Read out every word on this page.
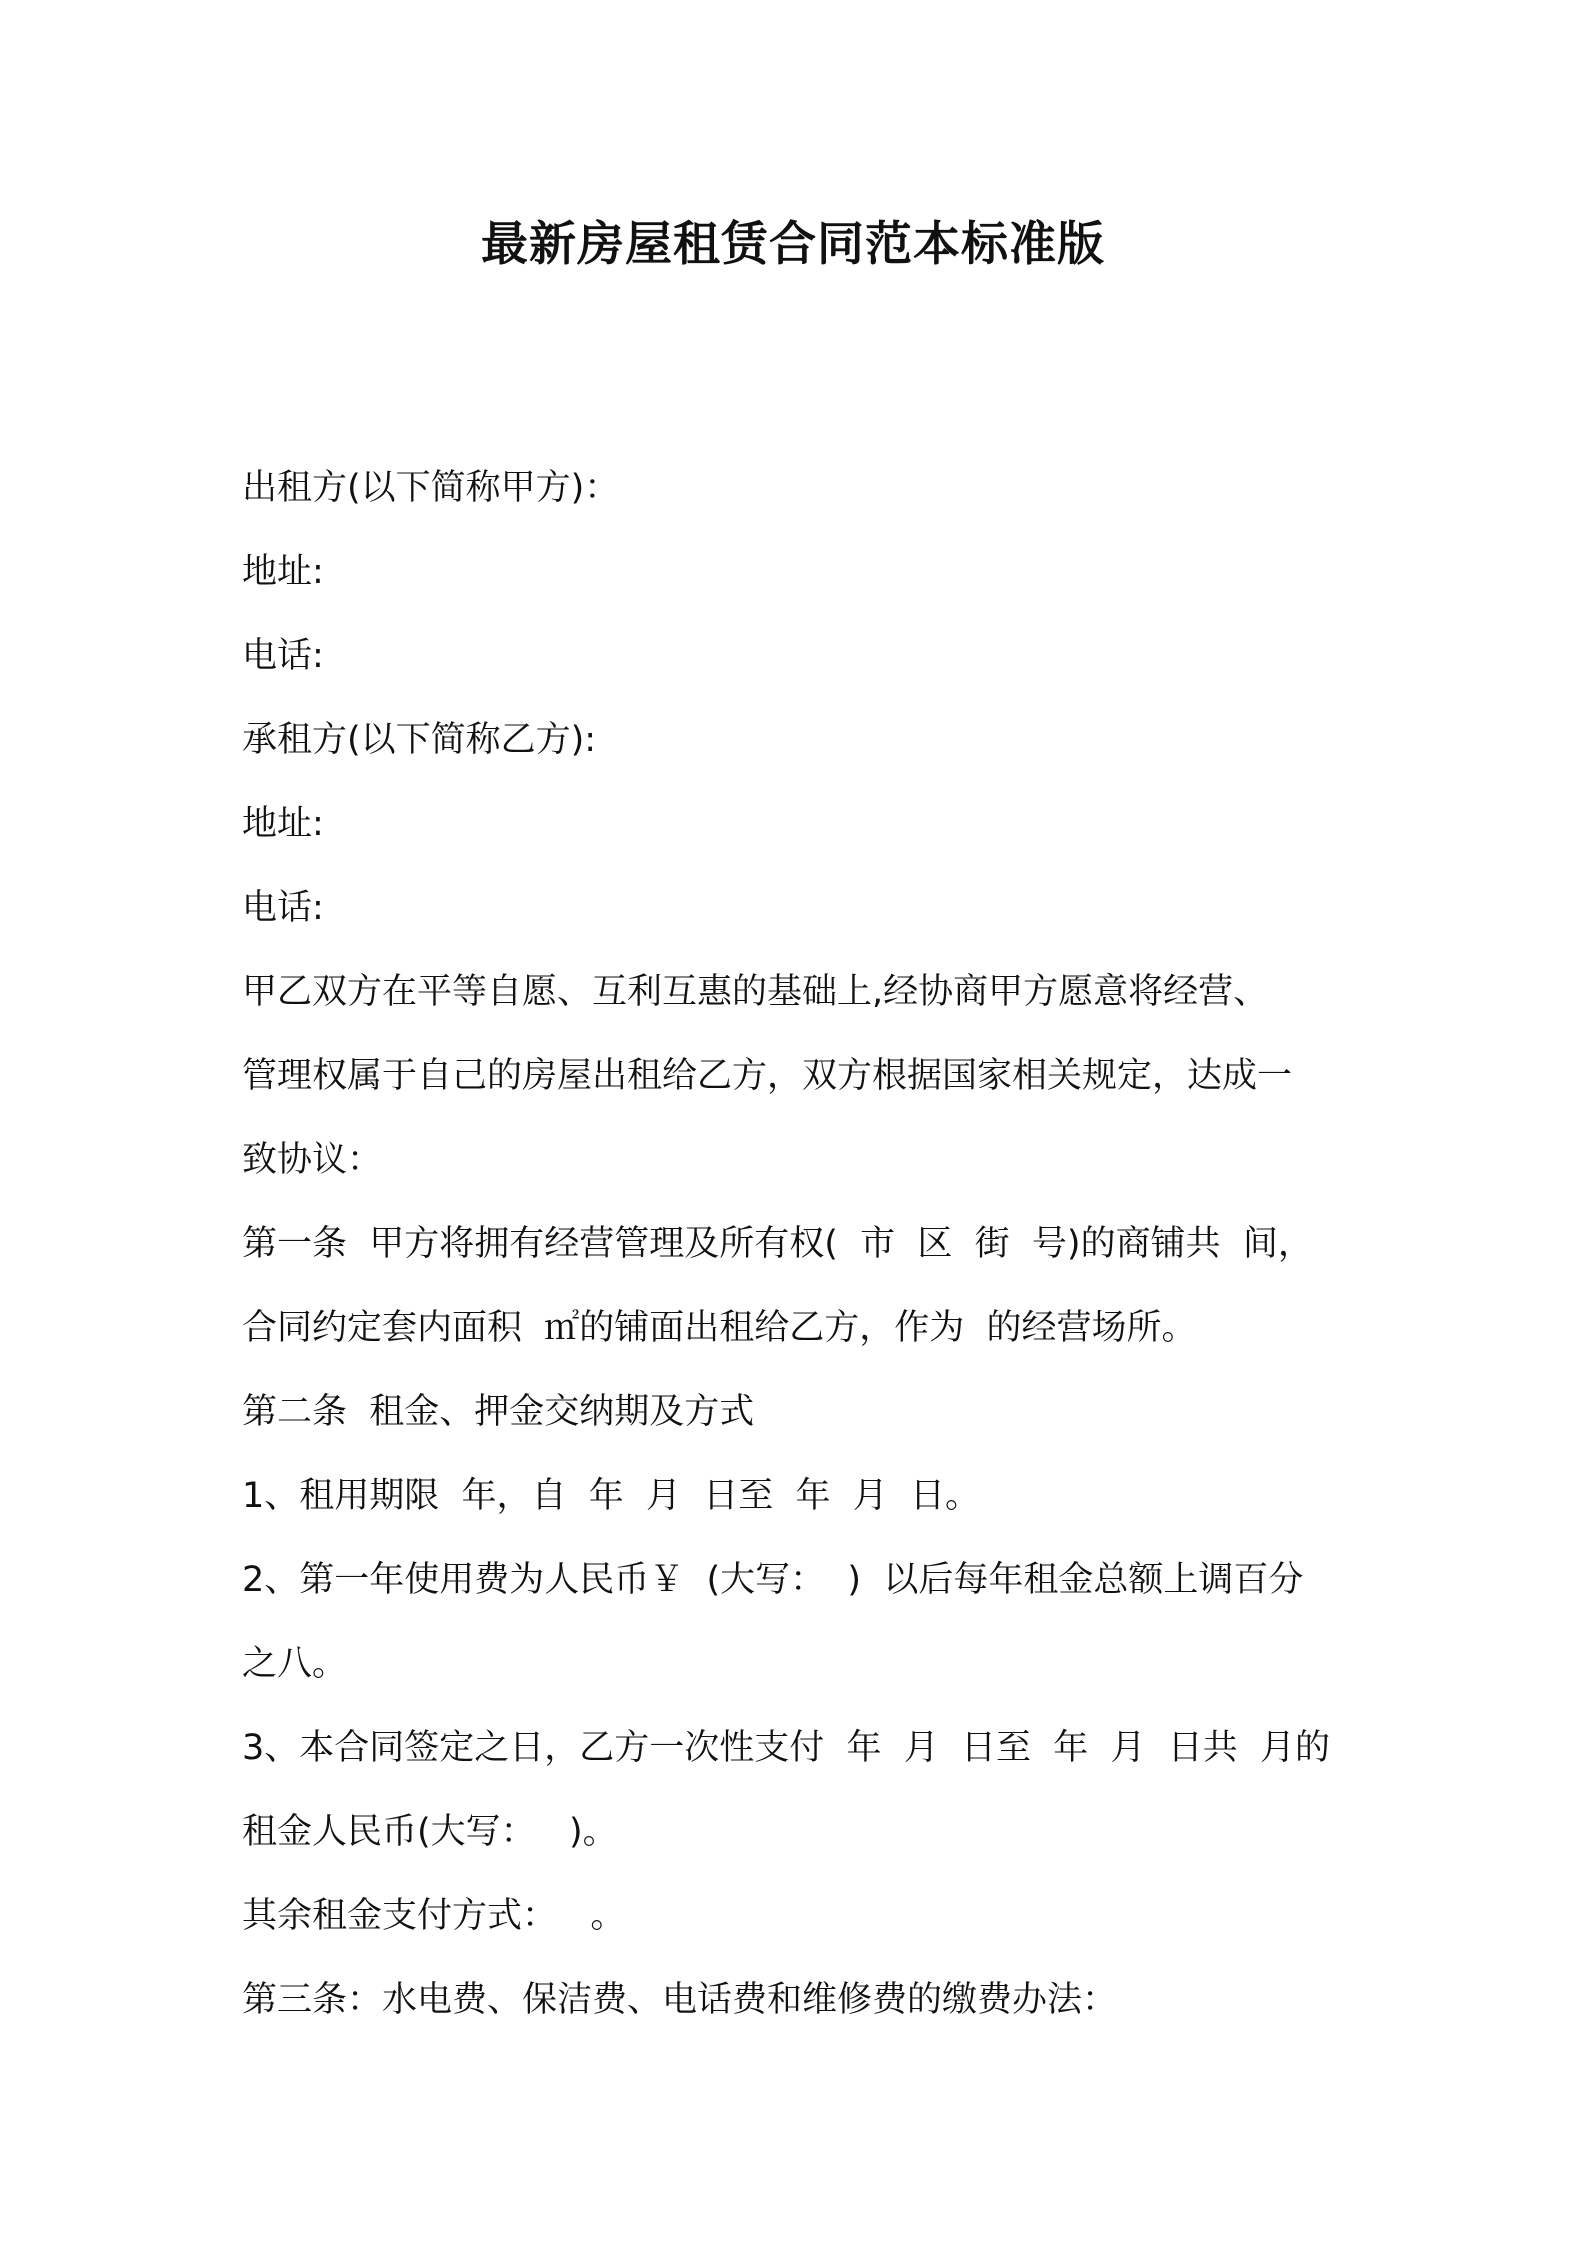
最新房屋租赁合同范本标准版
出租方(以下简称甲方)：
地址:
电话:
承租方(以下简称乙方):
地址:
电话:
甲乙双方在平等自愿、互利互惠的基础上,经协商甲方愿意将经营、
管理权属于自己的房屋出租给乙方，双方根据国家相关规定，达成一
致协议：
第一条  甲方将拥有经营管理及所有权(  市  区  街  号)的商铺共  间，
合同约定套内面积  ㎡的铺面出租给乙方，作为  的经营场所。
第二条  租金、押金交纳期及方式
1、租用期限  年，自  年  月  日至  年  月  日。
2、第一年使用费为人民币￥  (大写：  )  以后每年租金总额上调百分
之八。
3、本合同签定之日，乙方一次性支付  年  月  日至  年  月  日共  月的
租金人民币(大写：   )。
其余租金支付方式：   。
第三条：水电费、保洁费、电话费和维修费的缴费办法：
